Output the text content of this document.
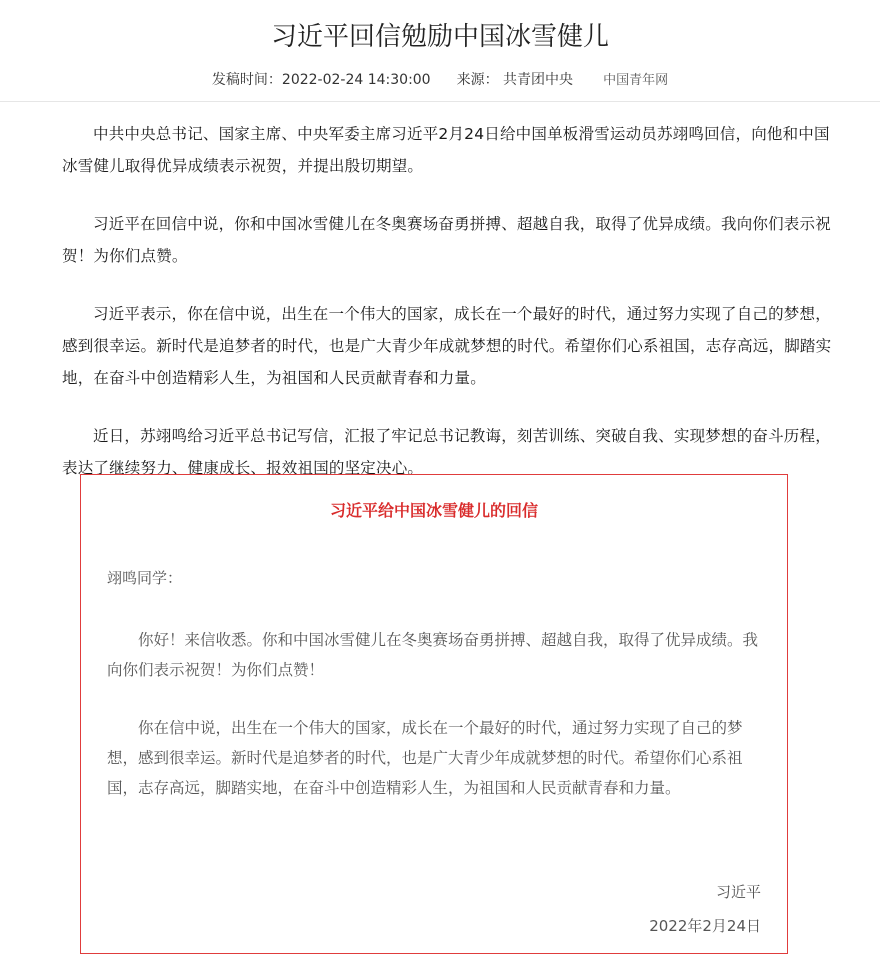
习近平回信勉励中国冰雪健儿
发稿时间：2022-02-24 14:30:00 来源： 共青团中央 中国青年网

中共中央总书记、国家主席、中央军委主席习近平2月24日给中国单板滑雪运动员苏翊鸣回信，向他和中国冰雪健儿取得优异成绩表示祝贺，并提出殷切期望。

习近平在回信中说，你和中国冰雪健儿在冬奥赛场奋勇拼搏、超越自我，取得了优异成绩。我向你们表示祝贺！为你们点赞。

习近平表示，你在信中说，出生在一个伟大的国家，成长在一个最好的时代，通过努力实现了自己的梦想，感到很幸运。新时代是追梦者的时代，也是广大青少年成就梦想的时代。希望你们心系祖国，志存高远，脚踏实地，在奋斗中创造精彩人生，为祖国和人民贡献青春和力量。

近日，苏翊鸣给习近平总书记写信，汇报了牢记总书记教诲，刻苦训练、突破自我、实现梦想的奋斗历程，表达了继续努力、健康成长、报效祖国的坚定决心。

习近平给中国冰雪健儿的回信
翊鸣同学：

你好！来信收悉。你和中国冰雪健儿在冬奥赛场奋勇拼搏、超越自我，取得了优异成绩。我向你们表示祝贺！为你们点赞！

你在信中说，出生在一个伟大的国家，成长在一个最好的时代，通过努力实现了自己的梦想，感到很幸运。新时代是追梦者的时代，也是广大青少年成就梦想的时代。希望你们心系祖国，志存高远，脚踏实地，在奋斗中创造精彩人生，为祖国和人民贡献青春和力量。

习近平
2022年2月24日
